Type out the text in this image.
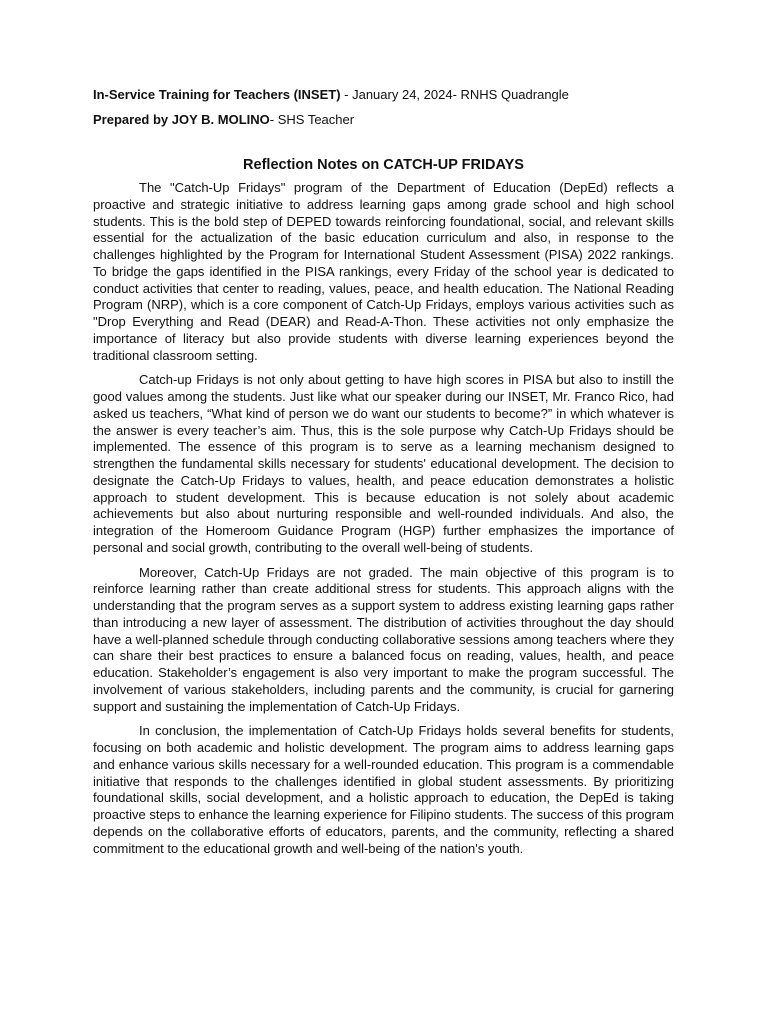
In-Service Training for Teachers (INSET) - January 24, 2024- RNHS Quadrangle

Prepared by JOY B. MOLINO- SHS Teacher

Reflection Notes on CATCH-UP FRIDAYS

The "Catch-Up Fridays" program of the Department of Education (DepEd) reflects a proactive and strategic initiative to address learning gaps among grade school and high school students. This is the bold step of DEPED towards reinforcing foundational, social, and relevant skills essential for the actualization of the basic education curriculum and also, in response to the challenges highlighted by the Program for International Student Assessment (PISA) 2022 rankings. To bridge the gaps identified in the PISA rankings, every Friday of the school year is dedicated to conduct activities that center to reading, values, peace, and health education. The National Reading Program (NRP), which is a core component of Catch-Up Fridays, employs various activities such as "Drop Everything and Read (DEAR) and Read-A-Thon. These activities not only emphasize the importance of literacy but also provide students with diverse learning experiences beyond the traditional classroom setting.

Catch-up Fridays is not only about getting to have high scores in PISA but also to instill the good values among the students. Just like what our speaker during our INSET, Mr. Franco Rico, had asked us teachers, “What kind of person we do want our students to become?” in which whatever is the answer is every teacher’s aim. Thus, this is the sole purpose why Catch-Up Fridays should be implemented. The essence of this program is to serve as a learning mechanism designed to strengthen the fundamental skills necessary for students' educational development. The decision to designate the Catch-Up Fridays to values, health, and peace education demonstrates a holistic approach to student development. This is because education is not solely about academic achievements but also about nurturing responsible and well-rounded individuals. And also, the integration of the Homeroom Guidance Program (HGP) further emphasizes the importance of personal and social growth, contributing to the overall well-being of students.

Moreover, Catch-Up Fridays are not graded. The main objective of this program is to reinforce learning rather than create additional stress for students. This approach aligns with the understanding that the program serves as a support system to address existing learning gaps rather than introducing a new layer of assessment. The distribution of activities throughout the day should have a well-planned schedule through conducting collaborative sessions among teachers where they can share their best practices to ensure a balanced focus on reading, values, health, and peace education. Stakeholder’s engagement is also very important to make the program successful. The involvement of various stakeholders, including parents and the community, is crucial for garnering support and sustaining the implementation of Catch-Up Fridays.

In conclusion, the implementation of Catch-Up Fridays holds several benefits for students, focusing on both academic and holistic development. The program aims to address learning gaps and enhance various skills necessary for a well-rounded education. This program is a commendable initiative that responds to the challenges identified in global student assessments. By prioritizing foundational skills, social development, and a holistic approach to education, the DepEd is taking proactive steps to enhance the learning experience for Filipino students. The success of this program depends on the collaborative efforts of educators, parents, and the community, reflecting a shared commitment to the educational growth and well-being of the nation's youth.
